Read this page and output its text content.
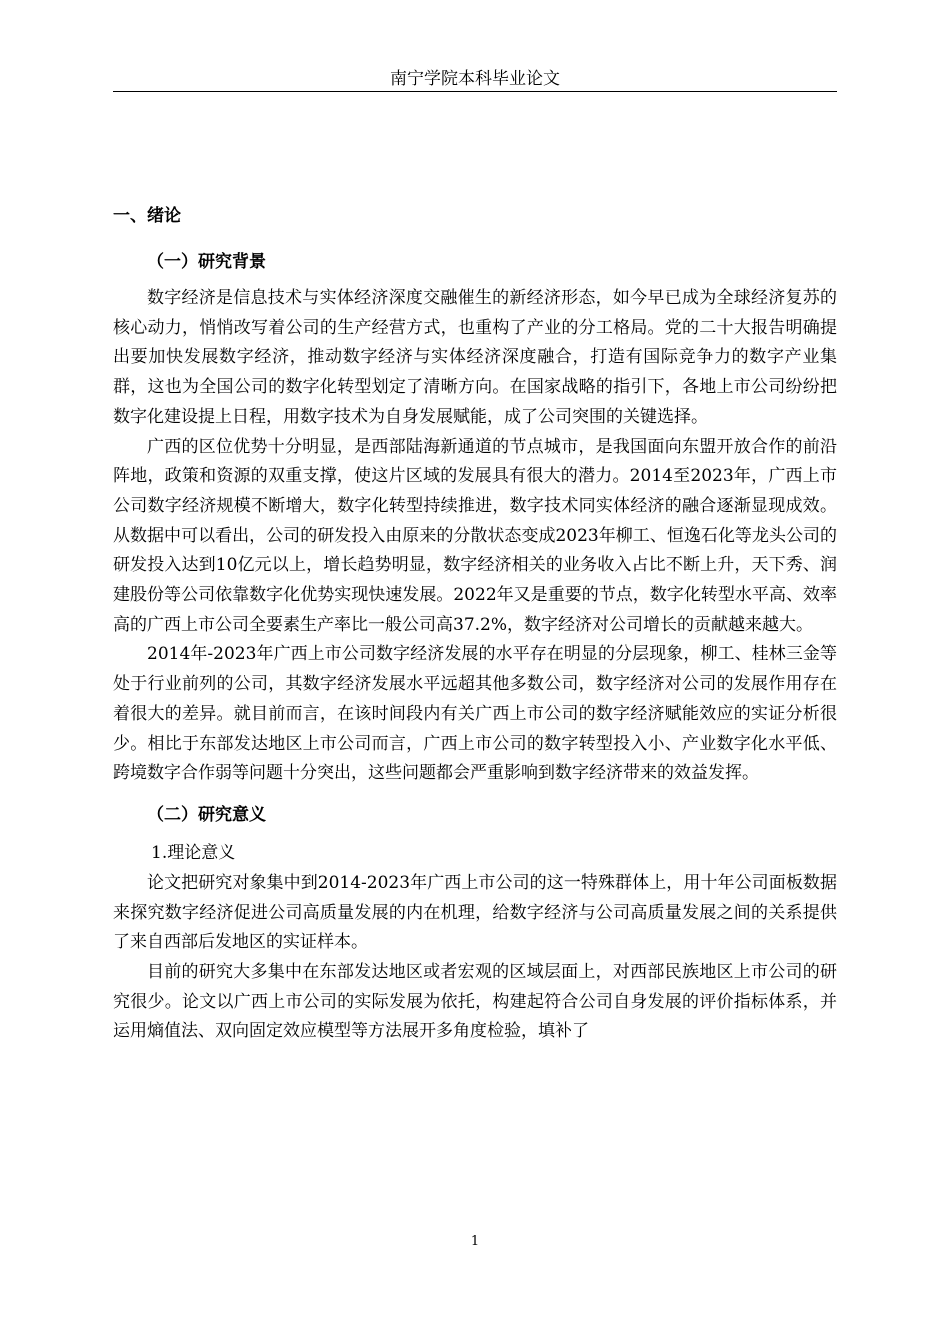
南宁学院本科毕业论文
一、绪论
（一）研究背景

数字经济是信息技术与实体经济深度交融催生的新经济形态，如今早已成为全球经济复苏的核心动力，悄悄改写着公司的生产经营方式，也重构了产业的分工格局。党的二十大报告明确提出要加快发展数字经济，推动数字经济与实体经济深度融合，打造有国际竞争力的数字产业集群，这也为全国公司的数字化转型划定了清晰方向。在国家战略的指引下，各地上市公司纷纷把数字化建设提上日程，用数字技术为自身发展赋能，成了公司突围的关键选择。

广西的区位优势十分明显，是西部陆海新通道的节点城市，是我国面向东盟开放合作的前沿阵地，政策和资源的双重支撑，使这片区域的发展具有很大的潜力。2014至2023年，广西上市公司数字经济规模不断增大，数字化转型持续推进，数字技术同实体经济的融合逐渐显现成效。从数据中可以看出，公司的研发投入由原来的分散状态变成2023年柳工、恒逸石化等龙头公司的研发投入达到10亿元以上，增长趋势明显，数字经济相关的业务收入占比不断上升，天下秀、润建股份等公司依靠数字化优势实现快速发展。2022年又是重要的节点，数字化转型水平高、效率高的广西上市公司全要素生产率比一般公司高37.2%，数字经济对公司增长的贡献越来越大。

2014年-2023年广西上市公司数字经济发展的水平存在明显的分层现象，柳工、桂林三金等处于行业前列的公司，其数字经济发展水平远超其他多数公司，数字经济对公司的发展作用存在着很大的差异。就目前而言，在该时间段内有关广西上市公司的数字经济赋能效应的实证分析很少。相比于东部发达地区上市公司而言，广西上市公司的数字转型投入小、产业数字化水平低、跨境数字合作弱等问题十分突出，这些问题都会严重影响到数字经济带来的效益发挥。

（二）研究意义
1.理论意义

论文把研究对象集中到2014-2023年广西上市公司的这一特殊群体上，用十年公司面板数据来探究数字经济促进公司高质量发展的内在机理，给数字经济与公司高质量发展之间的关系提供了来自西部后发地区的实证样本。

目前的研究大多集中在东部发达地区或者宏观的区域层面上，对西部民族地区上市公司的研究很少。论文以广西上市公司的实际发展为依托，构建起符合公司自身发展的评价指标体系，并运用熵值法、双向固定效应模型等方法展开多角度检验，填补了

1
